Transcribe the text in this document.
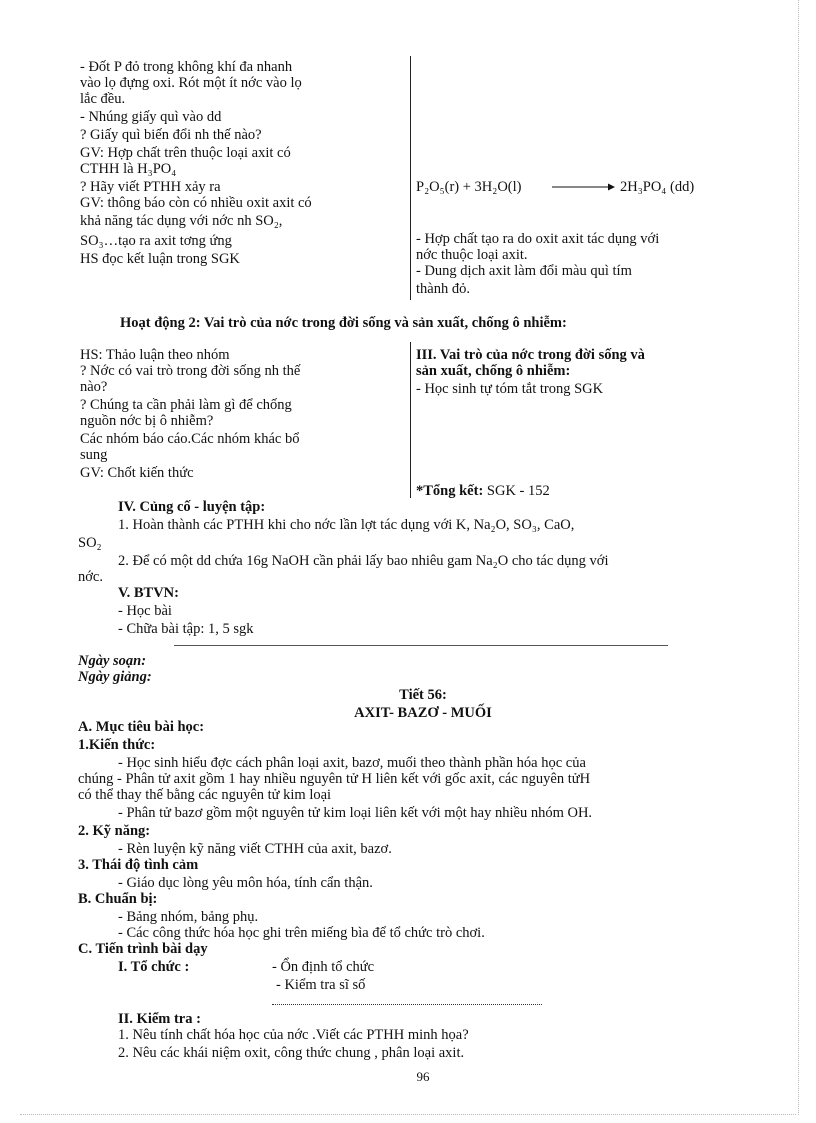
- Đốt P đỏ trong không khí đa nhanh
vào lọ đựng oxi. Rót một ít nớc vào lọ
lắc đều.
- Nhúng giấy quì vào dd
? Giấy quì biến đổi nh thế nào?
GV: Hợp chất trên thuộc loại axit có
CTHH là H₃PO₄
? Hãy viết PTHH xảy ra
GV: thông báo còn có nhiều oxit axit có
khả năng tác dụng với nớc nh SO₂,
SO₃…tạo ra axit tơng ứng
HS đọc kết luận trong SGK
P₂O₅(r) + 3H₂O(l)	2H₃PO₄ (dd)
- Hợp chất tạo ra do oxit axit tác dụng với
nớc thuộc loại axit.
- Dung dịch axit làm đổi màu quì tím
thành đỏ.
Hoạt động 2: Vai trò của nớc trong đời sống và sản xuất, chống ô nhiễm:
HS: Thảo luận theo nhóm
? Nớc có vai trò trong đời sống nh thế
nào?
? Chúng ta cần phải làm gì để chống
nguồn nớc bị ô nhiễm?
Các nhóm báo cáo.Các nhóm khác bổ
sung
GV: Chốt kiến thức
III. Vai trò của nớc trong đời sống và
sản xuất, chống ô nhiễm:
- Học sinh tự tóm tắt trong SGK
*Tổng kết: SGK - 152
IV. Củng cố - luyện tập:
1. Hoàn thành các PTHH khi cho nớc lần lợt tác dụng với K, Na₂O, SO₃, CaO,
SO₂
2. Để có một dd chứa 16g NaOH cần phải lấy bao nhiêu gam Na₂O cho tác dụng với
nớc.
V. BTVN:
- Học bài
- Chữa bài tập: 1, 5 sgk
Ngày soạn:
Ngày giảng:
Tiết 56:
AXIT- BAZƠ - MUỐI
A. Mục tiêu bài học:
1.Kiến thức:
- Học sinh hiểu đợc cách phân loại axit, bazơ, muối theo thành phần hóa học của
chúng - Phân tử axit gồm 1 hay nhiều nguyên tử H liên kết với gốc axit, các nguyên tửH
có thể thay thế bằng các nguyên tử kim loại
- Phân tử bazơ gồm một nguyên tử kim loại liên kết với một hay nhiều nhóm OH.
2. Kỹ năng:
- Rèn luyện kỹ năng viết CTHH của axit, bazơ.
3. Thái độ tình cảm
- Giáo dục lòng yêu môn hóa, tính cẩn thận.
B. Chuẩn bị:
- Bảng nhóm, bảng phụ.
- Các công thức hóa học ghi trên miếng bìa để tổ chức trò chơi.
C. Tiến trình bài dạy
I. Tổ chức :	- Ổn định tổ chức
- Kiểm tra sĩ số
II. Kiểm tra :
1. Nêu tính chất hóa học của nớc .Viết các PTHH minh họa?
2. Nêu các khái niệm oxit, công thức chung , phân loại axit.
96
